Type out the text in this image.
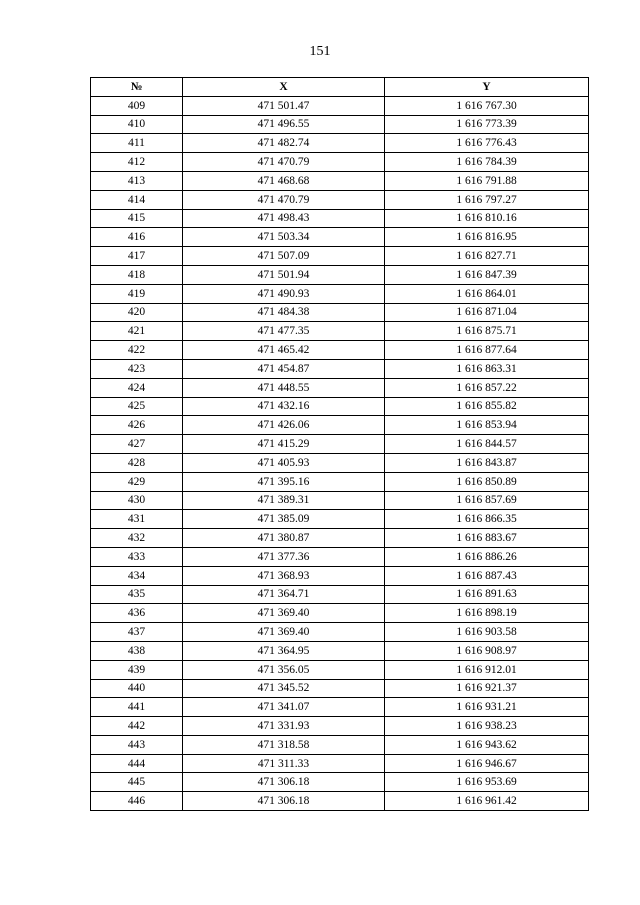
151
№	X	Y
409	471 501.47	1 616 767.30
410	471 496.55	1 616 773.39
411	471 482.74	1 616 776.43
412	471 470.79	1 616 784.39
413	471 468.68	1 616 791.88
414	471 470.79	1 616 797.27
415	471 498.43	1 616 810.16
416	471 503.34	1 616 816.95
417	471 507.09	1 616 827.71
418	471 501.94	1 616 847.39
419	471 490.93	1 616 864.01
420	471 484.38	1 616 871.04
421	471 477.35	1 616 875.71
422	471 465.42	1 616 877.64
423	471 454.87	1 616 863.31
424	471 448.55	1 616 857.22
425	471 432.16	1 616 855.82
426	471 426.06	1 616 853.94
427	471 415.29	1 616 844.57
428	471 405.93	1 616 843.87
429	471 395.16	1 616 850.89
430	471 389.31	1 616 857.69
431	471 385.09	1 616 866.35
432	471 380.87	1 616 883.67
433	471 377.36	1 616 886.26
434	471 368.93	1 616 887.43
435	471 364.71	1 616 891.63
436	471 369.40	1 616 898.19
437	471 369.40	1 616 903.58
438	471 364.95	1 616 908.97
439	471 356.05	1 616 912.01
440	471 345.52	1 616 921.37
441	471 341.07	1 616 931.21
442	471 331.93	1 616 938.23
443	471 318.58	1 616 943.62
444	471 311.33	1 616 946.67
445	471 306.18	1 616 953.69
446	471 306.18	1 616 961.42
